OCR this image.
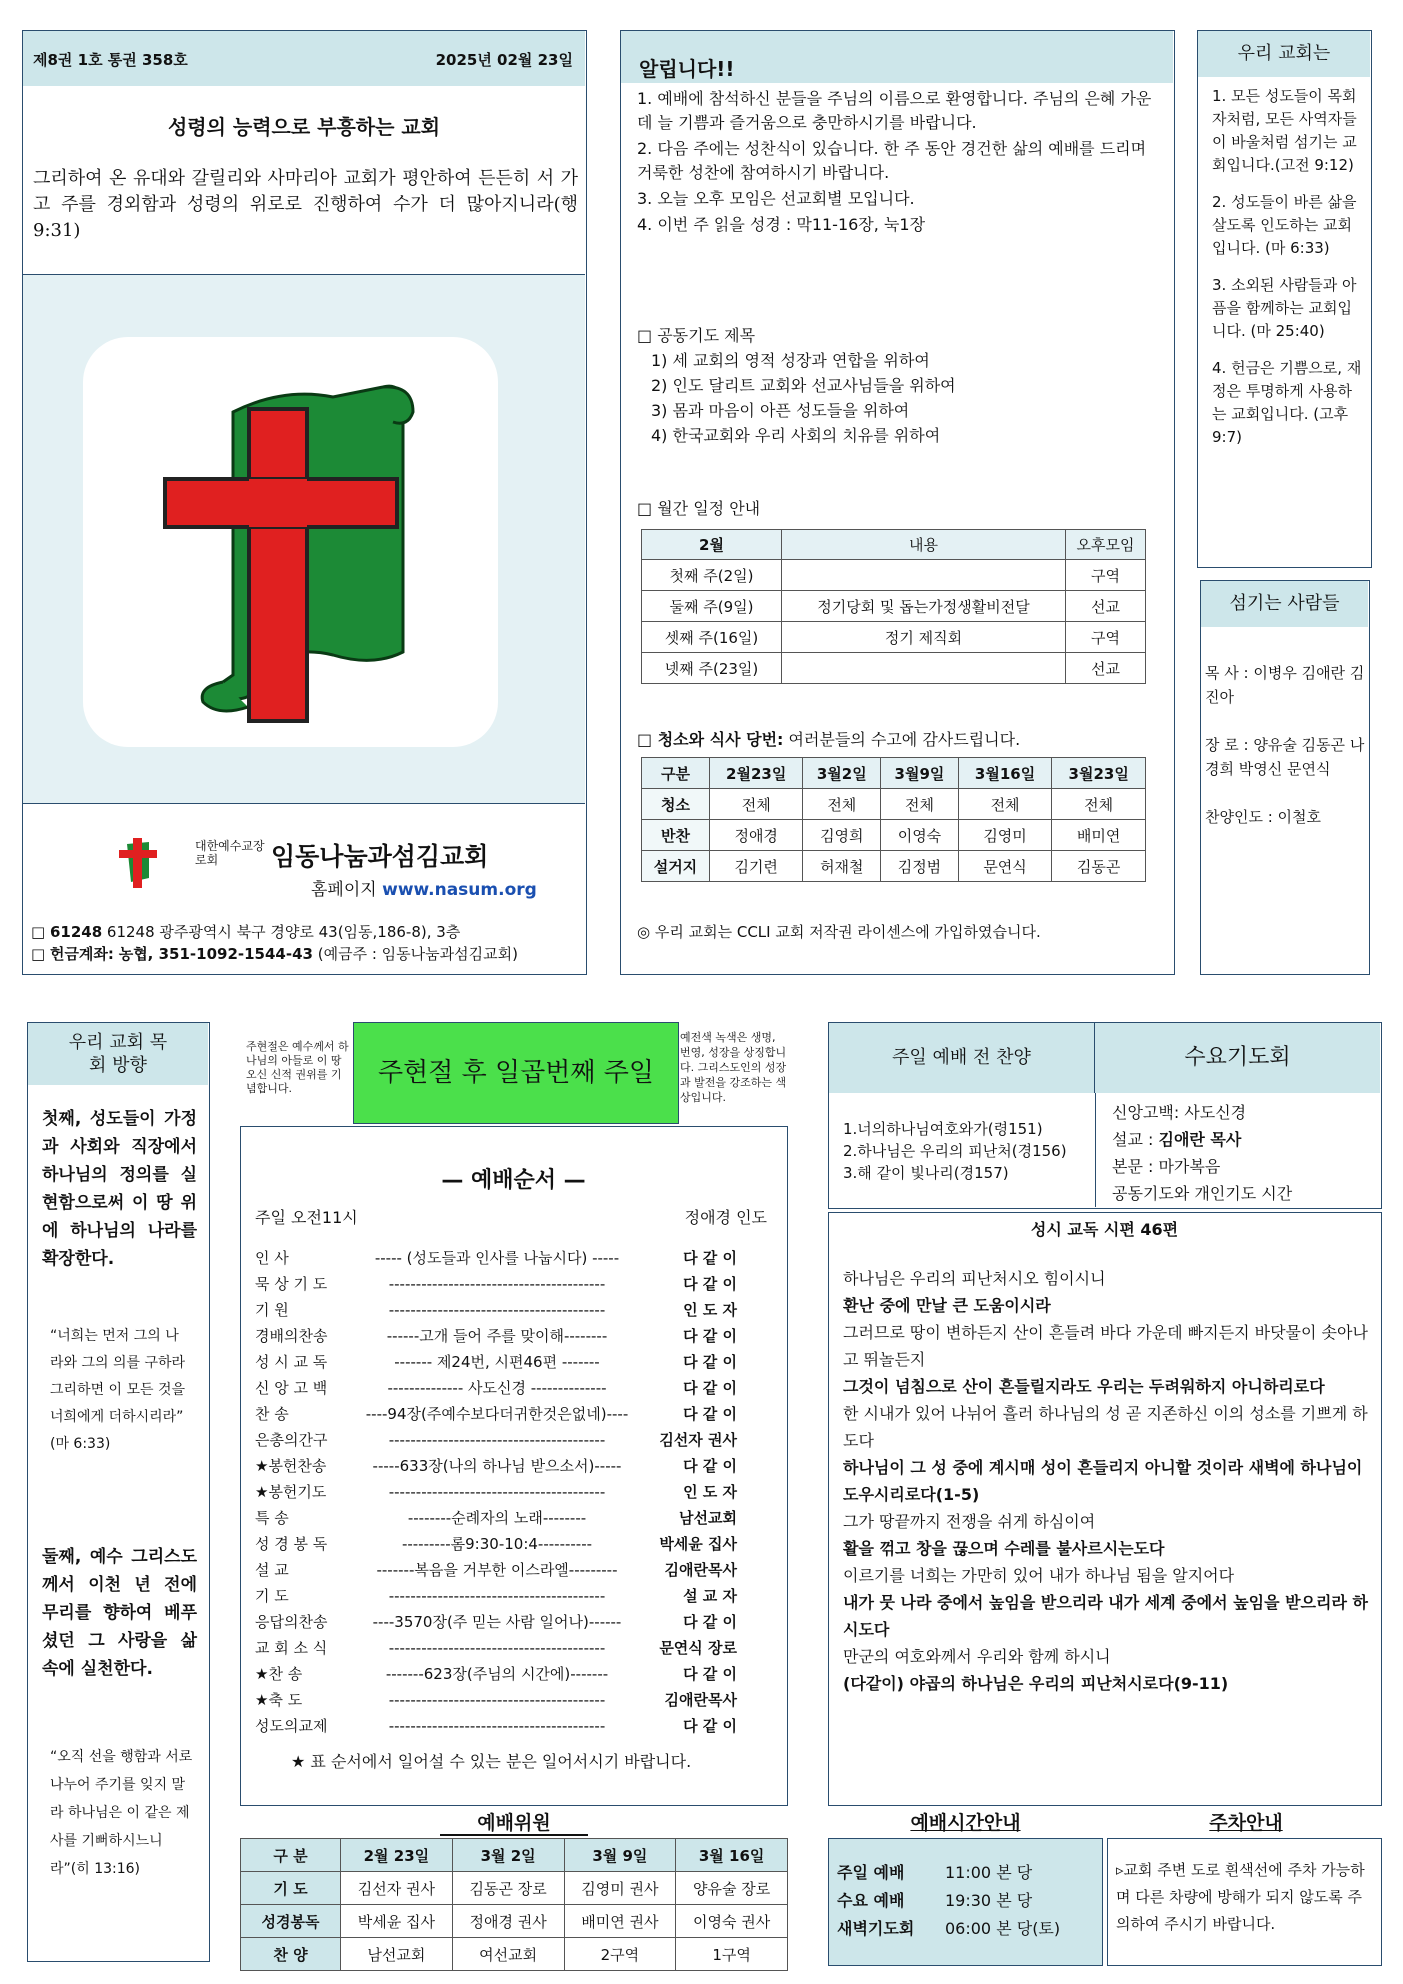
제8권 1호 통권 358호	2025년 02월 23일
성령의 능력으로 부흥하는 교회
그리하여 온 유대와 갈릴리와 사마리아 교회가 평안하여 든든히 서 가고 주를 경외함과 성령의 위로로 진행하여 수가 더 많아지니라(행9:31)
대한예수교장로회	임동나눔과섬김교회
홈페이지 www.nasum.org
□ 61248 61248 광주광역시 북구 경양로 43(임동,186-8), 3층
□ 헌금계좌: 농협, 351-1092-1544-43 (예금주 : 임동나눔과섬김교회)
알립니다!!
1. 예배에 참석하신 분들을 주님의 이름으로 환영합니다. 주님의 은혜 가운데 늘 기쁨과 즐거움으로 충만하시기를 바랍니다.
2. 다음 주에는 성찬식이 있습니다. 한 주 동안 경건한 삶의 예배를 드리며 거룩한 성찬에 참여하시기 바랍니다.
3. 오늘 오후 모임은 선교회별 모입니다.
4. 이번 주 읽을 성경 : 막11-16장, 눅1장
□ 공동기도 제목
1) 세 교회의 영적 성장과 연합을 위하여
2) 인도 달리트 교회와 선교사님들을 위하여
3) 몸과 마음이 아픈 성도들을 위하여
4) 한국교회와 우리 사회의 치유를 위하여
□ 월간 일정 안내
2월	내용	오후모임
첫째 주(2일)		구역
둘째 주(9일)	정기당회 및 돕는가정생활비전달	선교
셋째 주(16일)	정기 제직회	구역
넷째 주(23일)		선교
□ 청소와 식사 당번: 여러분들의 수고에 감사드립니다.
구분	2월23일	3월2일	3월9일	3월16일	3월23일
청소	전체	전체	전체	전체	전체
반찬	정애경	김영희	이영숙	김영미	배미연
설거지	김기련	허재철	김정범	문연식	김동곤
◎ 우리 교회는 CCLI 교회 저작권 라이센스에 가입하였습니다.
우리 교회는
1. 모든 성도들이 목회자처럼, 모든 사역자들이 바울처럼 섬기는 교회입니다.(고전 9:12)
2. 성도들이 바른 삶을 살도록 인도하는 교회입니다. (마 6:33)
3. 소외된 사람들과 아픔을 함께하는 교회입니다. (마 25:40)
4. 헌금은 기쁨으로, 재정은 투명하게 사용하는 교회입니다. (고후 9:7)
섬기는 사람들
목 사 : 이병우 김애란 김진아
장 로 : 양유술 김동곤 나경희 박영신 문연식
찬양인도 : 이철호
우리 교회 목회 방향
첫째, 성도들이 가정과 사회와 직장에서 하나님의 정의를 실현함으로써 이 땅 위에 하나님의 나라를 확장한다.
“너희는 먼저 그의 나라와 그의 의를 구하라 그리하면 이 모든 것을 너희에게 더하시리라” (마 6:33)
둘째, 예수 그리스도께서 이천 년 전에 무리를 향하여 베푸셨던 그 사랑을 삶 속에 실천한다.
“오직 선을 행함과 서로 나누어 주기를 잊지 말라 하나님은 이 같은 제사를 기뻐하시느니라”(히 13:16)
주현절은 예수께서 하나님의 아들로 이 땅 오신 신적 권위를 기념합니다.
주현절 후 일곱번째 주일
예전색 녹색은 생명, 번영, 성장을 상징합니다. 그리스도인의 성장과 발전을 강조하는 색상입니다.
— 예배순서 —
주일 오전11시	정애경 인도
인 사	----- (성도들과 인사를 나눕시다) -----	다 같 이
묵 상 기 도	----------------------------------------	다 같 이
기 원	----------------------------------------	인 도 자
경배의찬송	------고개 들어 주를 맞이해--------	다 같 이
성 시 교 독	------- 제24번, 시편46편 -------	다 같 이
신 앙 고 백	-------------- 사도신경 --------------	다 같 이
찬 송	----94장(주예수보다더귀한것은없네)----	다 같 이
은총의간구	----------------------------------------	김선자 권사
★봉헌찬송	-----633장(나의 하나님 받으소서)-----	다 같 이
★봉헌기도	----------------------------------------	인 도 자
특 송	--------순례자의 노래--------	남선교회
성 경 봉 독	---------롬9:30-10:4----------	박세윤 집사
설 교	-------복음을 거부한 이스라엘---------	김애란목사
기 도	----------------------------------------	설 교 자
응답의찬송	----3570장(주 믿는 사람 일어나)------	다 같 이
교 회 소 식	----------------------------------------	문연식 장로
★찬 송	-------623장(주님의 시간에)-------	다 같 이
★축 도	----------------------------------------	김애란목사
성도의교제	----------------------------------------	다 같 이
★ 표 순서에서 일어설 수 있는 분은 일어서시기 바랍니다.
예배위원
구 분	2월 23일	3월 2일	3월 9일	3월 16일
기 도	김선자 권사	김동곤 장로	김영미 권사	양유술 장로
성경봉독	박세윤 집사	정애경 권사	배미연 권사	이영숙 권사
찬 양	남선교회	여선교회	2구역	1구역
주일 예배 전 찬양	수요기도회
1.너의하나님여호와가(령151)
2.하나님은 우리의 피난처(경156)
3.해 같이 빛나리(경157)
신앙고백: 사도신경
설교 : 김애란 목사
본문 : 마가복음
공동기도와 개인기도 시간
성시 교독 시편 46편

하나님은 우리의 피난처시오 힘이시니

환난 중에 만날 큰 도움이시라

그러므로 땅이 변하든지 산이 흔들려 바다 가운데 빠지든지 바닷물이 솟아나고 뛰놀든지

그것이 넘침으로 산이 흔들릴지라도 우리는 두려워하지 아니하리로다

한 시내가 있어 나뉘어 흘러 하나님의 성 곧 지존하신 이의 성소를 기쁘게 하도다

하나님이 그 성 중에 계시매 성이 흔들리지 아니할 것이라 새벽에 하나님이 도우시리로다(1-5)

그가 땅끝까지 전쟁을 쉬게 하심이여

활을 꺾고 창을 끊으며 수레를 불사르시는도다

이르기를 너희는 가만히 있어 내가 하나님 됨을 알지어다

내가 뭇 나라 중에서 높임을 받으리라 내가 세계 중에서 높임을 받으리라 하시도다

만군의 여호와께서 우리와 함께 하시니

(다같이) 야곱의 하나님은 우리의 피난처시로다(9-11)

예배시간안내
주일 예배	11:00 본 당
수요 예배	19:30 본 당
새벽기도회	06:00 본 당(토)
주차안내
▹교회 주변 도로 흰색선에 주차 가능하며 다른 차량에 방해가 되지 않도록 주의하여 주시기 바랍니다.
